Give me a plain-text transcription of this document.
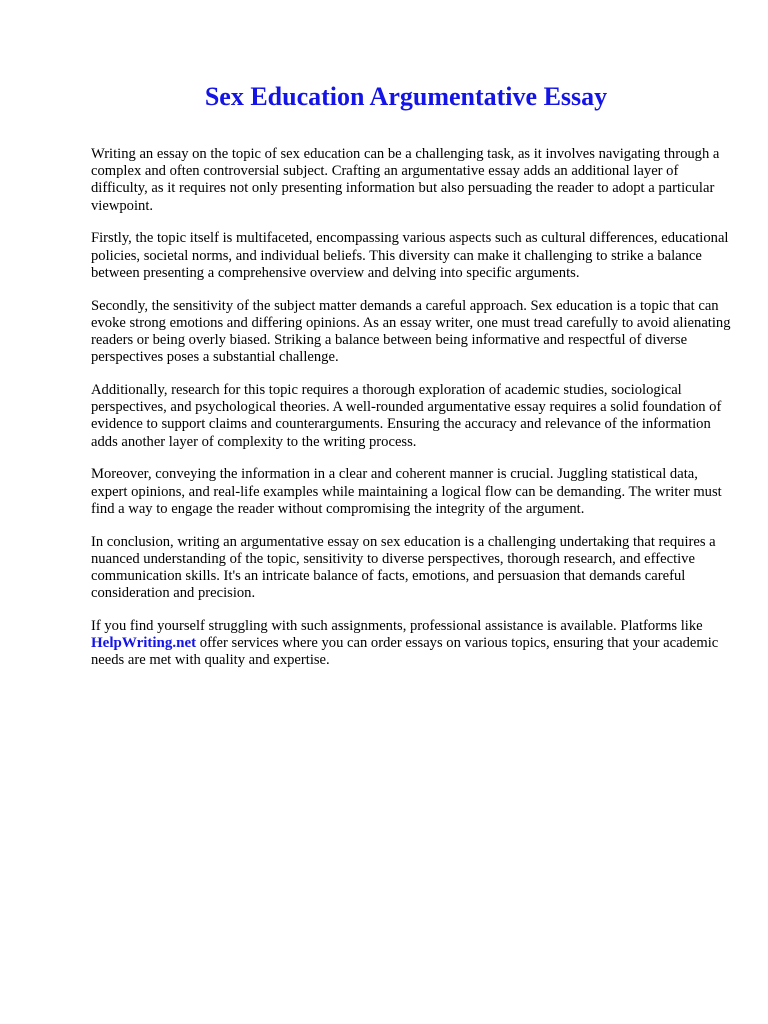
Sex Education Argumentative Essay

Writing an essay on the topic of sex education can be a challenging task, as it involves navigating through a complex and often controversial subject. Crafting an argumentative essay adds an additional layer of difficulty, as it requires not only presenting information but also persuading the reader to adopt a particular viewpoint.

Firstly, the topic itself is multifaceted, encompassing various aspects such as cultural differences, educational policies, societal norms, and individual beliefs. This diversity can make it challenging to strike a balance between presenting a comprehensive overview and delving into specific arguments.

Secondly, the sensitivity of the subject matter demands a careful approach. Sex education is a topic that can evoke strong emotions and differing opinions. As an essay writer, one must tread carefully to avoid alienating readers or being overly biased. Striking a balance between being informative and respectful of diverse perspectives poses a substantial challenge.

Additionally, research for this topic requires a thorough exploration of academic studies, sociological perspectives, and psychological theories. A well-rounded argumentative essay requires a solid foundation of evidence to support claims and counterarguments. Ensuring the accuracy and relevance of the information adds another layer of complexity to the writing process.

Moreover, conveying the information in a clear and coherent manner is crucial. Juggling statistical data, expert opinions, and real-life examples while maintaining a logical flow can be demanding. The writer must find a way to engage the reader without compromising the integrity of the argument.

In conclusion, writing an argumentative essay on sex education is a challenging undertaking that requires a nuanced understanding of the topic, sensitivity to diverse perspectives, thorough research, and effective communication skills. It's an intricate balance of facts, emotions, and persuasion that demands careful consideration and precision.

If you find yourself struggling with such assignments, professional assistance is available. Platforms like HelpWriting.net offer services where you can order essays on various topics, ensuring that your academic needs are met with quality and expertise.
